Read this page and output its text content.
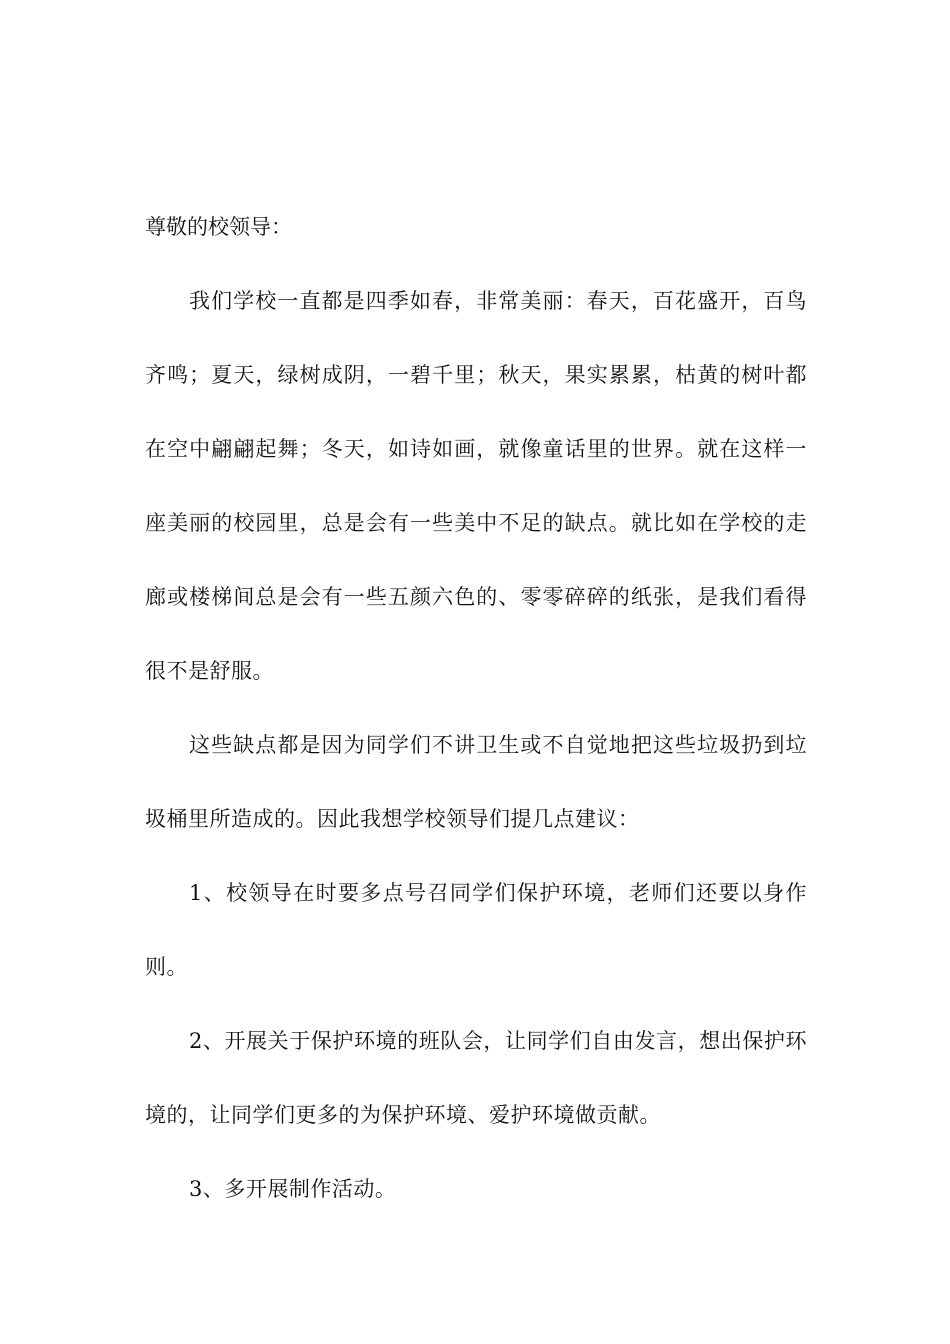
尊敬的校领导：

我们学校一直都是四季如春，非常美丽：春天，百花盛开，百鸟齐鸣；夏天，绿树成阴，一碧千里；秋天，果实累累，枯黄的树叶都在空中翩翩起舞；冬天，如诗如画，就像童话里的世界。就在这样一座美丽的校园里，总是会有一些美中不足的缺点。就比如在学校的走廊或楼梯间总是会有一些五颜六色的、零零碎碎的纸张，是我们看得很不是舒服。

这些缺点都是因为同学们不讲卫生或不自觉地把这些垃圾扔到垃圾桶里所造成的。因此我想学校领导们提几点建议：

1、校领导在时要多点号召同学们保护环境，老师们还要以身作则。

2、开展关于保护环境的班队会，让同学们自由发言，想出保护环境的，让同学们更多的为保护环境、爱护环境做贡献。

3、多开展制作活动。
